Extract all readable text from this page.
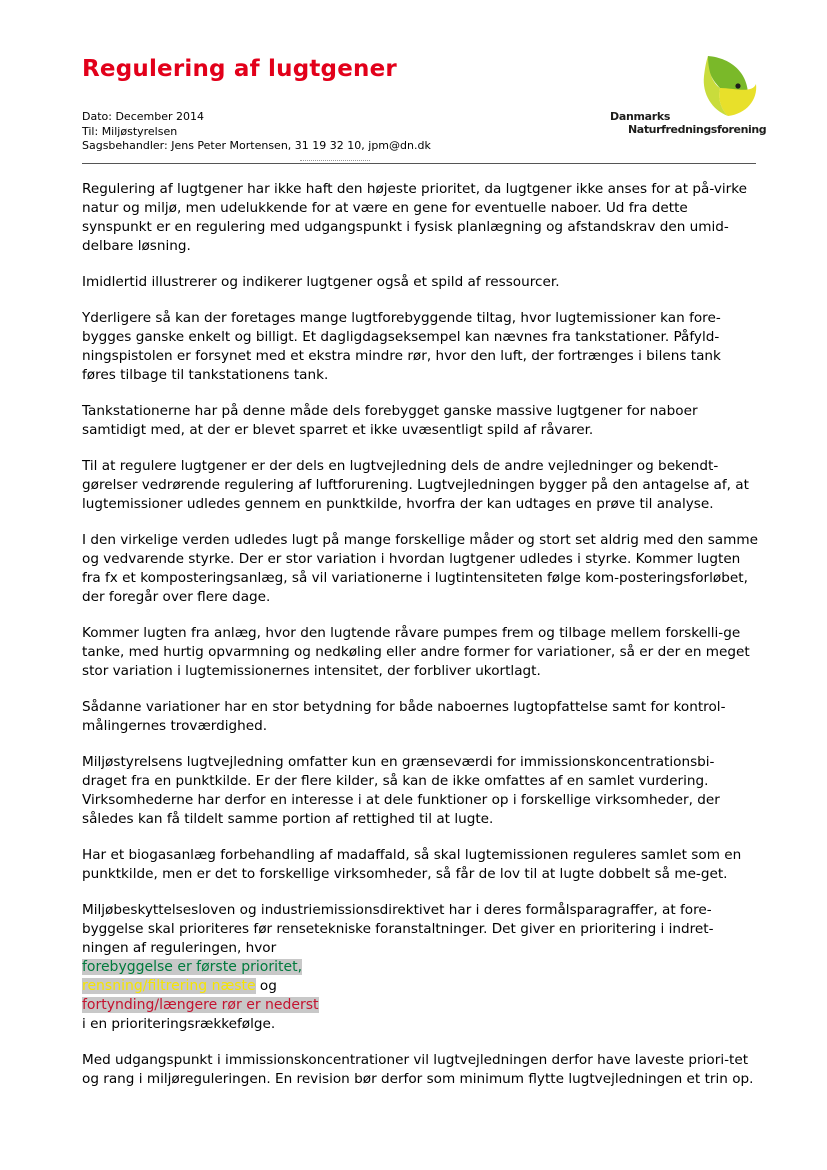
Regulering af lugtgener
Dato: December 2014
Til: Miljøstyrelsen
Sagsbehandler: Jens Peter Mortensen, 31 19 32 10, jpm@dn.dk
Danmarks
Naturfredningsforening

Regulering af lugtgener har ikke haft den højeste prioritet, da lugtgener ikke anses for at på-virke natur og miljø, men udelukkende for at være en gene for eventuelle naboer. Ud fra dette synspunkt er en regulering med udgangspunkt i fysisk planlægning og afstandskrav den umid-delbare løsning.

Imidlertid illustrerer og indikerer lugtgener også et spild af ressourcer.

Yderligere så kan der foretages mange lugtforebyggende tiltag, hvor lugtemissioner kan fore-bygges ganske enkelt og billigt. Et dagligdagseksempel kan nævnes fra tankstationer. Påfyld-ningspistolen er forsynet med et ekstra mindre rør, hvor den luft, der fortrænges i bilens tank føres tilbage til tankstationens tank.

Tankstationerne har på denne måde dels forebygget ganske massive lugtgener for naboer samtidigt med, at der er blevet sparret et ikke uvæsentligt spild af råvarer.

Til at regulere lugtgener er der dels en lugtvejledning dels de andre vejledninger og bekendt-gørelser vedrørende regulering af luftforurening. Lugtvejledningen bygger på den antagelse af, at lugtemissioner udledes gennem en punktkilde, hvorfra der kan udtages en prøve til analyse.

I den virkelige verden udledes lugt på mange forskellige måder og stort set aldrig med den samme og vedvarende styrke. Der er stor variation i hvordan lugtgener udledes i styrke. Kommer lugten fra fx et komposteringsanlæg, så vil variationerne i lugtintensiteten følge kom-posteringsforløbet, der foregår over flere dage.

Kommer lugten fra anlæg, hvor den lugtende råvare pumpes frem og tilbage mellem forskelli-ge tanke, med hurtig opvarmning og nedkøling eller andre former for variationer, så er der en meget stor variation i lugtemissionernes intensitet, der forbliver ukortlagt.

Sådanne variationer har en stor betydning for både naboernes lugtopfattelse samt for kontrol-målingernes troværdighed.

Miljøstyrelsens lugtvejledning omfatter kun en grænseværdi for immissionskoncentrationsbi-draget fra en punktkilde. Er der flere kilder, så kan de ikke omfattes af en samlet vurdering. Virksomhederne har derfor en interesse i at dele funktioner op i forskellige virksomheder, der således kan få tildelt samme portion af rettighed til at lugte.

Har et biogasanlæg forbehandling af madaffald, så skal lugtemissionen reguleres samlet som en punktkilde, men er det to forskellige virksomheder, så får de lov til at lugte dobbelt så me-get.

Miljøbeskyttelsesloven og industriemissionsdirektivet har i deres formålsparagraffer, at fore-byggelse skal prioriteres før rensetekniske foranstaltninger. Det giver en prioritering i indret-ningen af reguleringen, hvor
forebyggelse er første prioritet,
rensning/filtrering næste og
fortynding/længere rør er nederst
i en prioriteringsrækkefølge.

Med udgangspunkt i immissionskoncentrationer vil lugtvejledningen derfor have laveste priori-tet og rang i miljøreguleringen. En revision bør derfor som minimum flytte lugtvejledningen et trin op.
